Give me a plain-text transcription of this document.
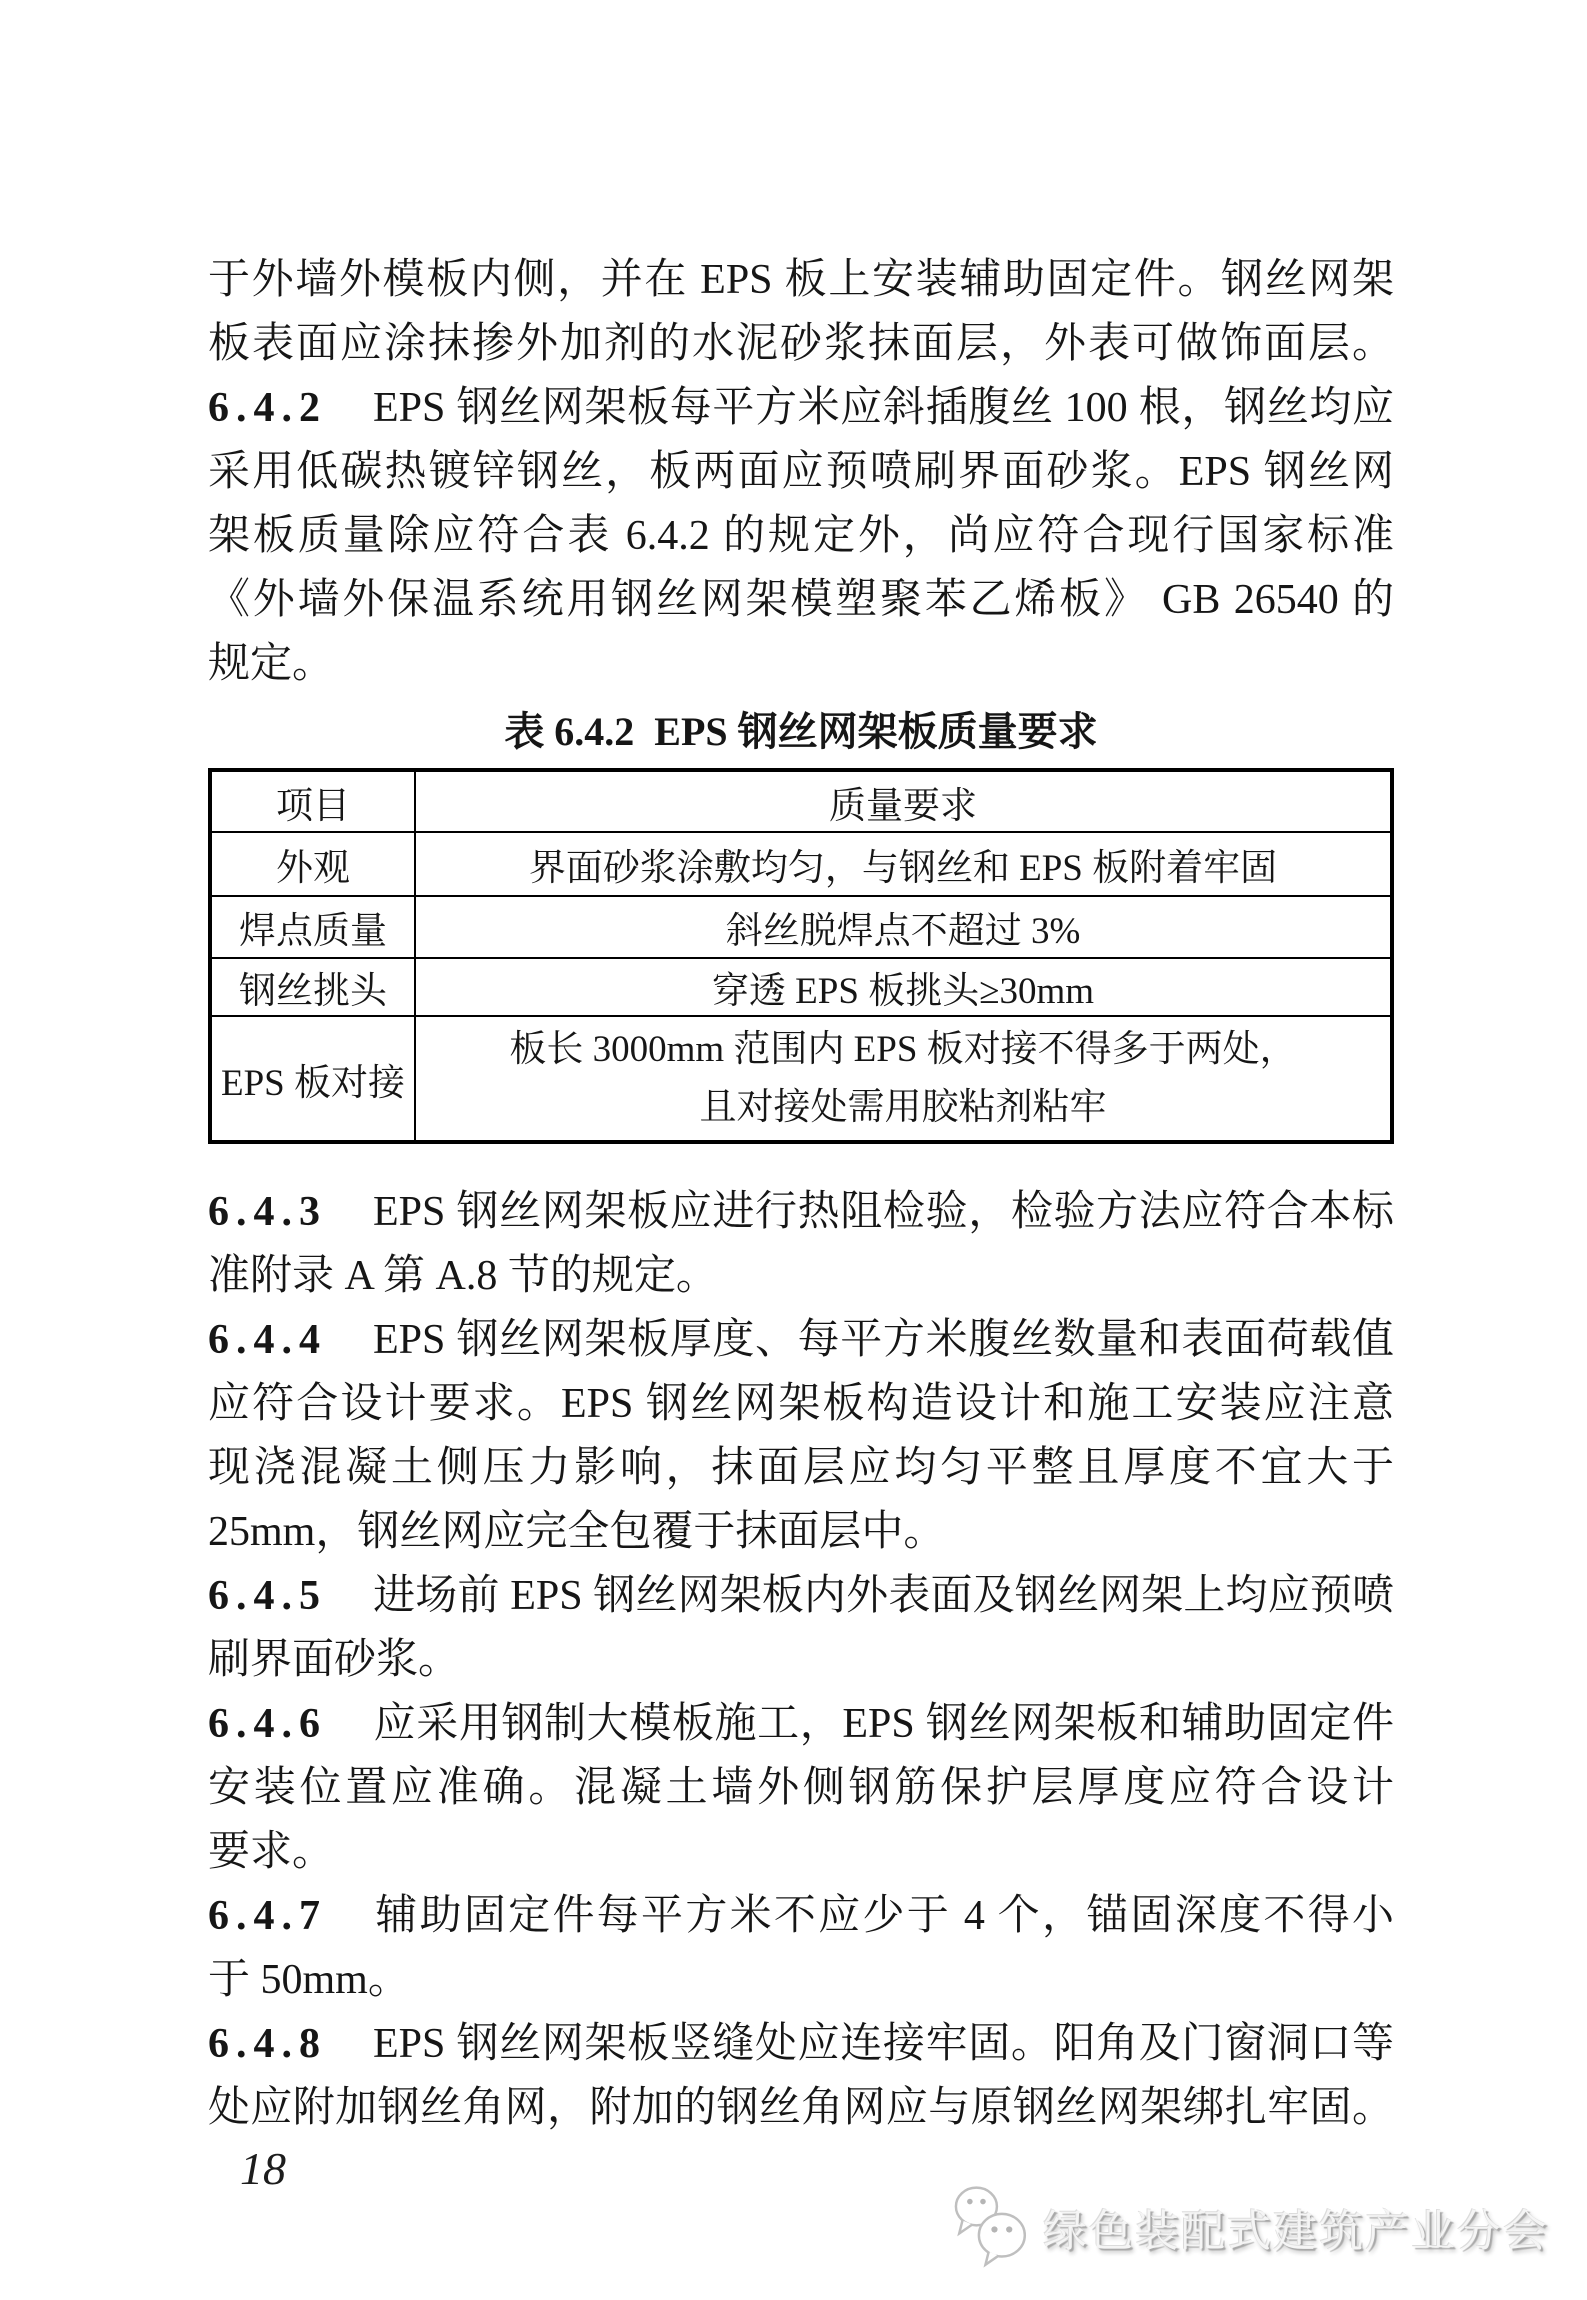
于外墙外模板内侧，并在 EPS 板上安装辅助固定件。钢丝网架
板表面应涂抹掺外加剂的水泥砂浆抹面层，外表可做饰面层。
6.4.2 EPS 钢丝网架板每平方米应斜插腹丝 100 根，钢丝均应
采用低碳热镀锌钢丝，板两面应预喷刷界面砂浆。EPS 钢丝网
架板质量除应符合表 6.4.2 的规定外，尚应符合现行国家标准
《外墙外保温系统用钢丝网架模塑聚苯乙烯板》 GB 26540 的
规定。
表 6.4.2  EPS 钢丝网架板质量要求
项目	质量要求
外观	界面砂浆涂敷均匀，与钢丝和 EPS 板附着牢固
焊点质量	斜丝脱焊点不超过 3%
钢丝挑头	穿透 EPS 板挑头≥30mm
EPS 板对接	板长 3000mm 范围内 EPS 板对接不得多于两处，
且对接处需用胶粘剂粘牢
6.4.3 EPS 钢丝网架板应进行热阻检验，检验方法应符合本标
准附录 A 第 A.8 节的规定。
6.4.4 EPS 钢丝网架板厚度、每平方米腹丝数量和表面荷载值
应符合设计要求。EPS 钢丝网架板构造设计和施工安装应注意
现浇混凝土侧压力影响，抹面层应均匀平整且厚度不宜大于
25mm，钢丝网应完全包覆于抹面层中。
6.4.5 进场前 EPS 钢丝网架板内外表面及钢丝网架上均应预喷
刷界面砂浆。
6.4.6 应采用钢制大模板施工，EPS 钢丝网架板和辅助固定件
安装位置应准确。混凝土墙外侧钢筋保护层厚度应符合设计
要求。
6.4.7 辅助固定件每平方米不应少于 4 个，锚固深度不得小
于 50mm。
6.4.8 EPS 钢丝网架板竖缝处应连接牢固。阳角及门窗洞口等
处应附加钢丝角网，附加的钢丝角网应与原钢丝网架绑扎牢固。
18
绿色装配式建筑产业分会
